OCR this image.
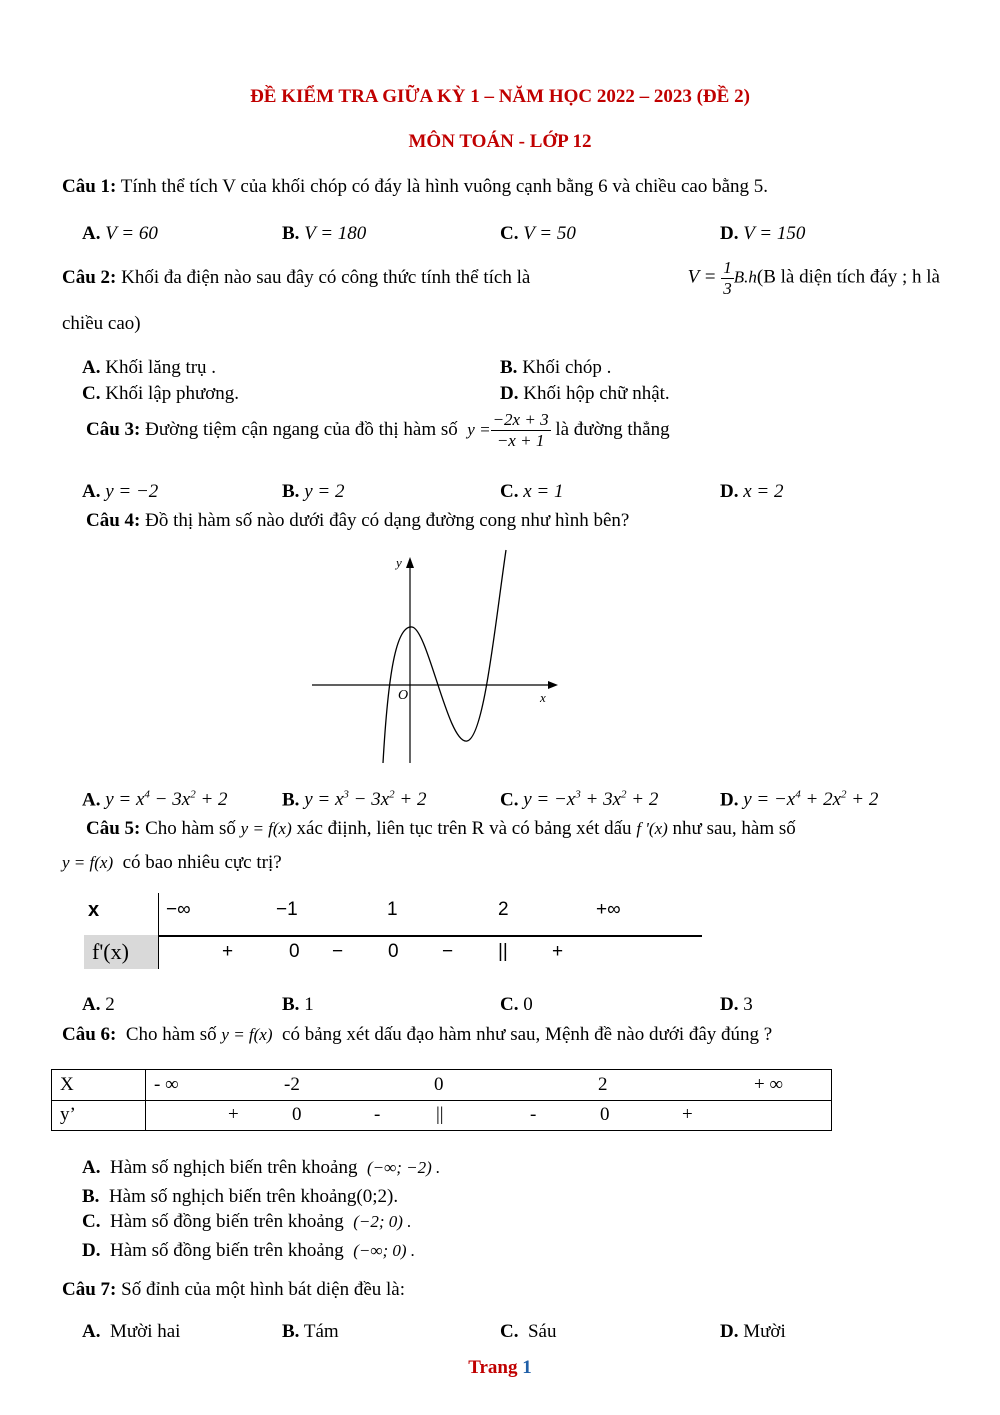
ĐỀ KIỂM TRA GIỮA KỲ 1 – NĂM HỌC 2022 – 2023 (ĐỀ 2)
MÔN TOÁN - LỚP 12
Câu 1: Tính thể tích V của khối chóp có đáy là hình vuông cạnh bằng 6 và chiều cao bằng 5.
A. V = 60	B. V = 180	C. V = 50	D. V = 150
Câu 2: Khối đa điện nào sau đây có công thức tính thể tích là	$V = \frac{1}{3} B.h(B$ là diện tích đáy ; h là
chiều cao)
A. Khối lăng trụ .	B. Khối chóp .
C. Khối lập phương.	D. Khối hộp chữ nhật.
Câu 3:
Đường tiệm cận ngang của đồ thị hàm số
$y = \frac{-2x + 3}{-x + 1}$
là đường thẳng
A. y = −2	B. y = 2	C. x = 1	D. x = 2
Câu 4: Đồ thị hàm số nào dưới đây có dạng đường cong như hình bên?
y
x
O
A. $y = x^4 - 3x^2 + 2$	B. $y = x^3 - 3x^2 + 2$	C. $y = -x^3 + 3x^2 + 2$	D. $y = -x^4 + 2x^2 + 2$
Câu 5: Cho hàm số y = f(x) xác điịnh, liên tục trên R và có bảng xét dấu f '(x) như sau, hàm số
y = f(x) có bao nhiêu cực trị?
x
f'(x)
−∞	−1	1	2	+∞
+	0 − 0 − || +
A. 2	B. 1	C. 0	D. 3
Câu 6: Cho hàm số y = f(x) có bảng xét dấu đạo hàm như sau, Mệnh đề nào dưới đây đúng ?
X
y’
- ∞	-2	0	2	+ ∞
+	0	-	||	-	0	+
A. Hàm số nghịch biến trên khoảng (−∞; −2) .
B. Hàm số nghịch biến trên khoảng(0;2).
C. Hàm số đồng biến trên khoảng (−2; 0) .
D. Hàm số đồng biến trên khoảng (−∞; 0) .
Câu 7: Số đỉnh của một hình bát diện đều là:
A. Mười hai	B. Tám	C. Sáu	D. Mười
Trang 1
